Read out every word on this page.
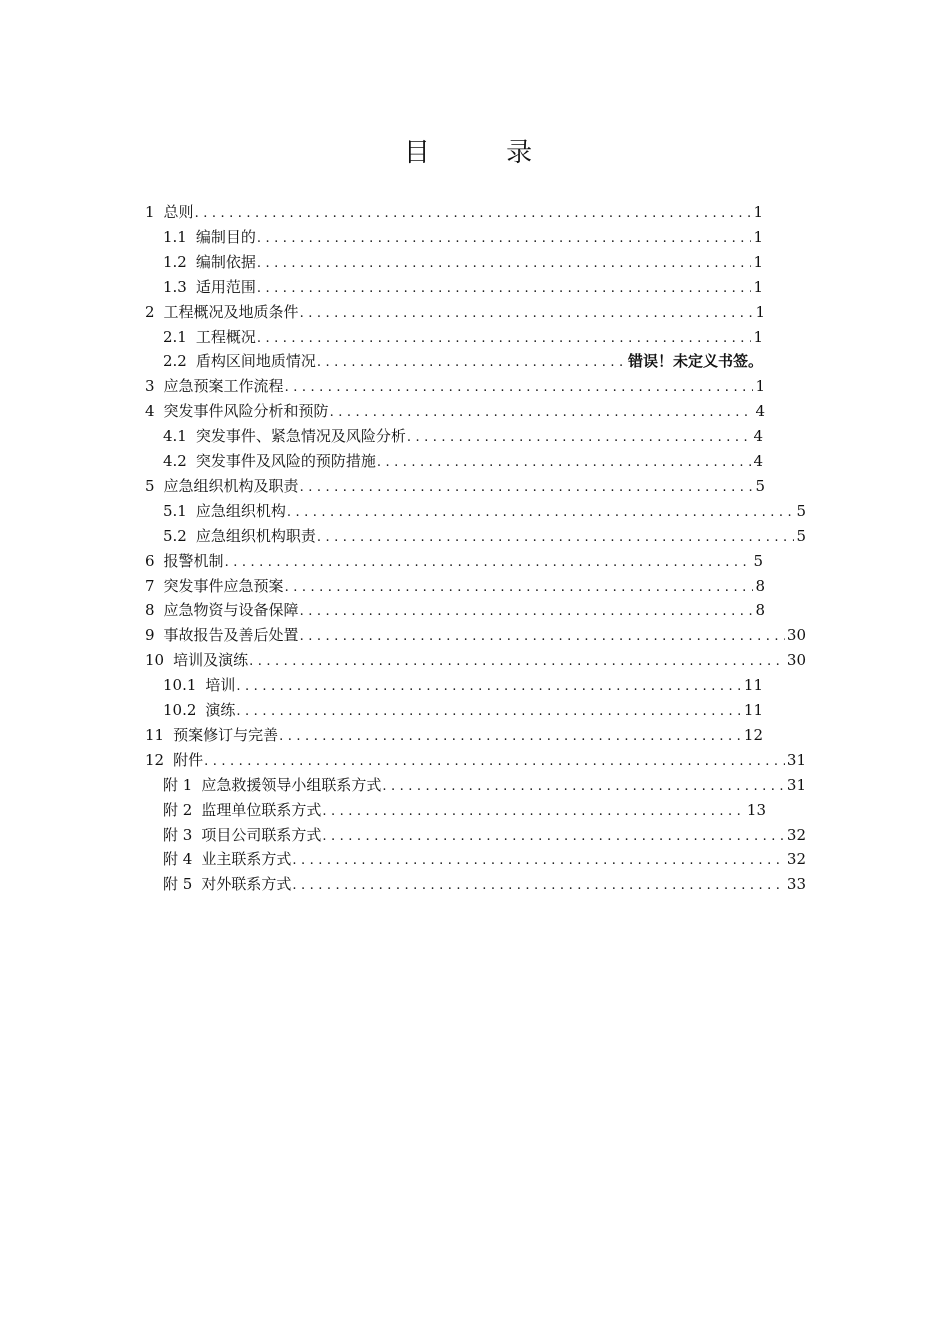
目 录
1 总则 .....	1
1.1 编制目的 .....	1
1.2 编制依据 .....	1
1.3 适用范围 .....	1
2 工程概况及地质条件 .....	1
2.1 工程概况 .....	1
2.2 盾构区间地质情况 .....	错误！未定义书签。
3 应急预案工作流程 .....	1
4 突发事件风险分析和预防 .....	4
4.1 突发事件、紧急情况及风险分析 .....	4
4.2 突发事件及风险的预防措施 .....	4
5 应急组织机构及职责 .....	5
5.1 应急组织机构 .....	5
5.2 应急组织机构职责 .....	5
6 报警机制 .....	5
7 突发事件应急预案 .....	8
8 应急物资与设备保障 .....	8
9 事故报告及善后处置 .....	30
10 培训及演练 .....	30
10.1 培训 .....	11
10.2 演练 .....	11
11 预案修订与完善 .....	12
12 附件 .....	31
附 1 应急救援领导小组联系方式 .....	31
附 2 监理单位联系方式 .....	13
附 3 项目公司联系方式 .....	32
附 4 业主联系方式 .....	32
附 5 对外联系方式 .....	33
